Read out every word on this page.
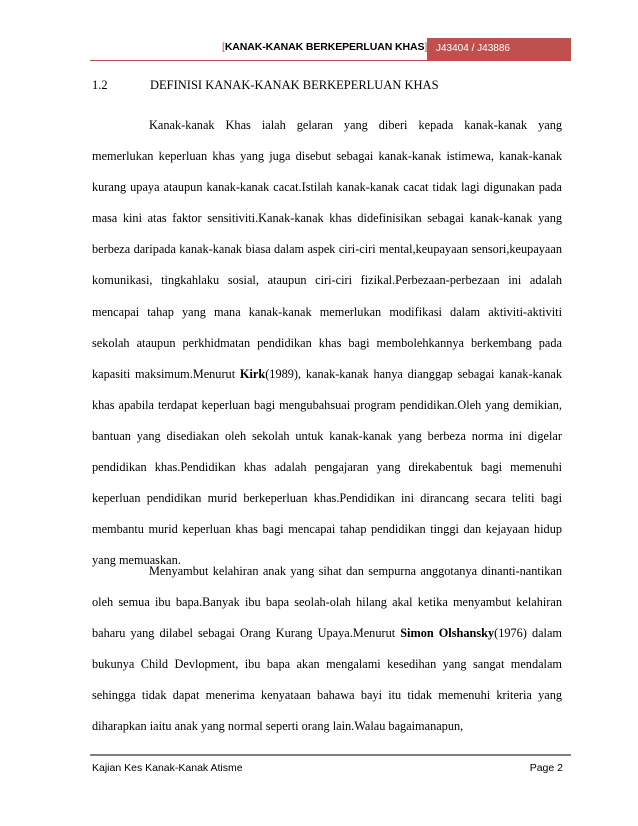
[KANAK-KANAK BERKEPERLUAN KHAS] J43404 / J43886
1.2	DEFINISI KANAK-KANAK BERKEPERLUAN KHAS

Kanak-kanak Khas ialah gelaran yang diberi kepada kanak-kanak yang memerlukan keperluan khas yang juga disebut sebagai kanak-kanak istimewa, kanak-kanak kurang upaya ataupun kanak-kanak cacat.Istilah kanak-kanak cacat tidak lagi digunakan pada masa kini atas faktor sensitiviti.Kanak-kanak khas didefinisikan sebagai kanak-kanak yang berbeza daripada kanak-kanak biasa dalam aspek ciri-ciri mental,keupayaan sensori,keupayaan komunikasi, tingkahlaku sosial, ataupun ciri-ciri fizikal.Perbezaan-perbezaan ini adalah mencapai tahap yang mana kanak-kanak memerlukan modifikasi dalam aktiviti-aktiviti sekolah ataupun perkhidmatan pendidikan khas bagi membolehkannya berkembang pada kapasiti maksimum.Menurut Kirk(1989), kanak-kanak hanya dianggap sebagai kanak-kanak khas apabila terdapat keperluan bagi mengubahsuai program pendidikan.Oleh yang demikian, bantuan yang disediakan oleh sekolah untuk kanak-kanak yang berbeza norma ini digelar pendidikan khas.Pendidikan khas adalah pengajaran yang direkabentuk bagi memenuhi keperluan pendidikan murid berkeperluan khas.Pendidikan ini dirancang secara teliti bagi membantu murid keperluan khas bagi mencapai tahap pendidikan tinggi dan kejayaan hidup yang memuaskan.

Menyambut kelahiran anak yang sihat dan sempurna anggotanya dinanti-nantikan oleh semua ibu bapa.Banyak ibu bapa seolah-olah hilang akal ketika menyambut kelahiran baharu yang dilabel sebagai Orang Kurang Upaya.Menurut Simon Olshansky(1976) dalam bukunya Child Devlopment, ibu bapa akan mengalami kesedihan yang sangat mendalam sehingga tidak dapat menerima kenyataan bahawa bayi itu tidak memenuhi kriteria yang diharapkan iaitu anak yang normal seperti orang lain.Walau bagaimanapun,

Kajian Kes Kanak-Kanak Atisme	Page 2
